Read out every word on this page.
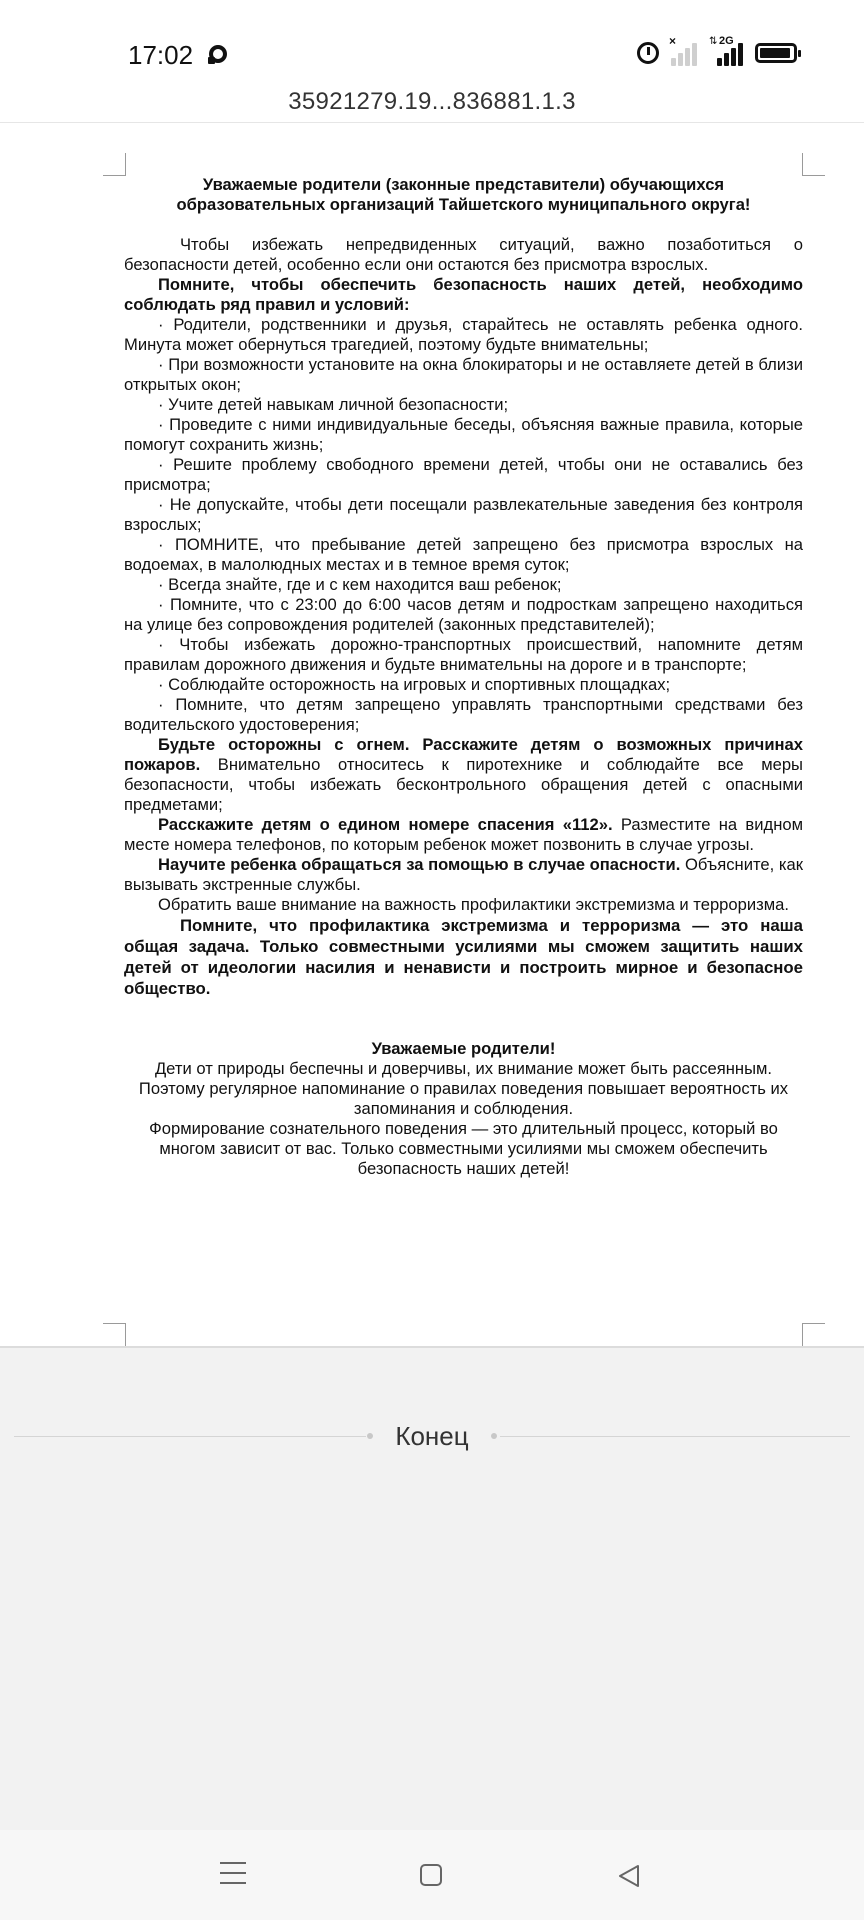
17:02	×	⇅ 2G
35921279.19...836881.1.3

Уважаемые родители (законные представители) обучающихся
образовательных организаций Тайшетского муниципального округа!

Чтобы избежать непредвиденных ситуаций, важно позаботиться о безопасности детей, особенно если они остаются без присмотра взрослых.

Помните, чтобы обеспечить безопасность наших детей, необходимо соблюдать ряд правил и условий:

· Родители, родственники и друзья, старайтесь не оставлять ребенка одного. Минута может обернуться трагедией, поэтому будьте внимательны;

· При возможности установите на окна блокираторы и не оставляете детей в близи открытых окон;

· Учите детей навыкам личной безопасности;

· Проведите с ними индивидуальные беседы, объясняя важные правила, которые помогут сохранить жизнь;

· Решите проблему свободного времени детей, чтобы они не оставались без присмотра;

· Не допускайте, чтобы дети посещали развлекательные заведения без контроля взрослых;

· ПОМНИТЕ, что пребывание детей запрещено без присмотра взрослых на водоемах, в малолюдных местах и в темное время суток;

· Всегда знайте, где и с кем находится ваш ребенок;

· Помните, что с 23:00 до 6:00 часов детям и подросткам запрещено находиться на улице без сопровождения родителей (законных представителей);

· Чтобы избежать дорожно-транспортных происшествий, напомните детям правилам дорожного движения и будьте внимательны на дороге и в транспорте;

· Соблюдайте осторожность на игровых и спортивных площадках;

· Помните, что детям запрещено управлять транспортными средствами без водительского удостоверения;

Будьте осторожны с огнем. Расскажите детям о возможных причинах пожаров. Внимательно относитесь к пиротехнике и соблюдайте все меры безопасности, чтобы избежать бесконтрольного обращения детей с опасными предметами;

Расскажите детям о едином номере спасения «112». Разместите на видном месте номера телефонов, по которым ребенок может позвонить в случае угрозы.

Научите ребенка обращаться за помощью в случае опасности. Объясните, как вызывать экстренные службы.

Обратить ваше внимание на важность профилактики экстремизма и терроризма.

Помните, что профилактика экстремизма и терроризма — это наша общая задача. Только совместными усилиями мы сможем защитить наших детей от идеологии насилия и ненависти и построить мирное и безопасное общество.

Уважаемые родители!

Дети от природы беспечны и доверчивы, их внимание может быть рассеянным. Поэтому регулярное напоминание о правилах поведения повышает вероятность их запоминания и соблюдения.

Формирование сознательного поведения — это длительный процесс, который во многом зависит от вас. Только совместными усилиями мы сможем обеспечить безопасность наших детей!

Конец
